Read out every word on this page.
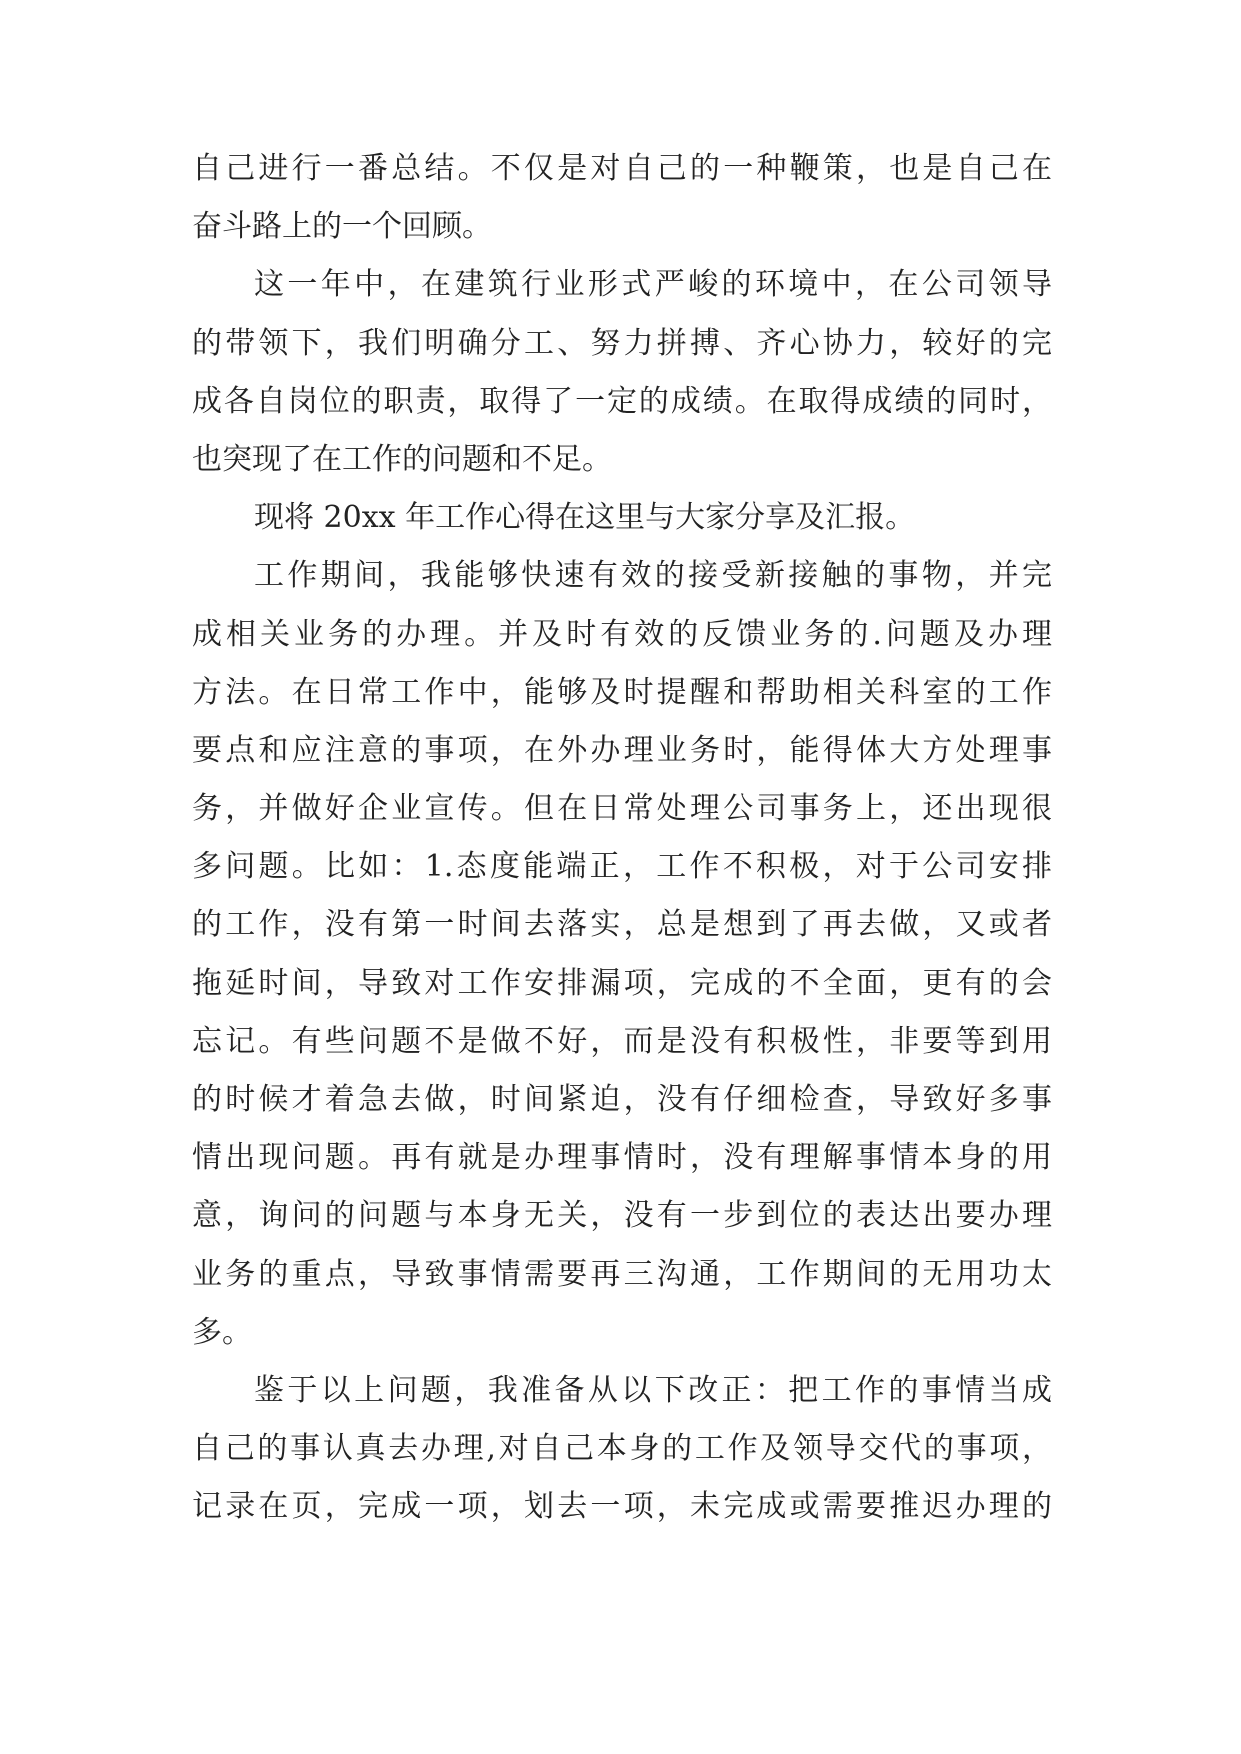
自己进行一番总结。不仅是对自己的一种鞭策，也是自己在
奋斗路上的一个回顾。
这一年中，在建筑行业形式严峻的环境中，在公司领导
的带领下，我们明确分工、努力拼搏、齐心协力，较好的完
成各自岗位的职责，取得了一定的成绩。在取得成绩的同时，
也突现了在工作的问题和不足。
现将 20xx 年工作心得在这里与大家分享及汇报。
工作期间，我能够快速有效的接受新接触的事物，并完
成相关业务的办理。并及时有效的反馈业务的.问题及办理
方法。在日常工作中，能够及时提醒和帮助相关科室的工作
要点和应注意的事项，在外办理业务时，能得体大方处理事
务，并做好企业宣传。但在日常处理公司事务上，还出现很
多问题。比如：1.态度能端正，工作不积极，对于公司安排
的工作，没有第一时间去落实，总是想到了再去做，又或者
拖延时间，导致对工作安排漏项，完成的不全面，更有的会
忘记。有些问题不是做不好，而是没有积极性，非要等到用
的时候才着急去做，时间紧迫，没有仔细检查，导致好多事
情出现问题。再有就是办理事情时，没有理解事情本身的用
意，询问的问题与本身无关，没有一步到位的表达出要办理
业务的重点，导致事情需要再三沟通，工作期间的无用功太
多。
鉴于以上问题，我准备从以下改正：把工作的事情当成
自己的事认真去办理,对自己本身的工作及领导交代的事项，
记录在页，完成一项，划去一项，未完成或需要推迟办理的
